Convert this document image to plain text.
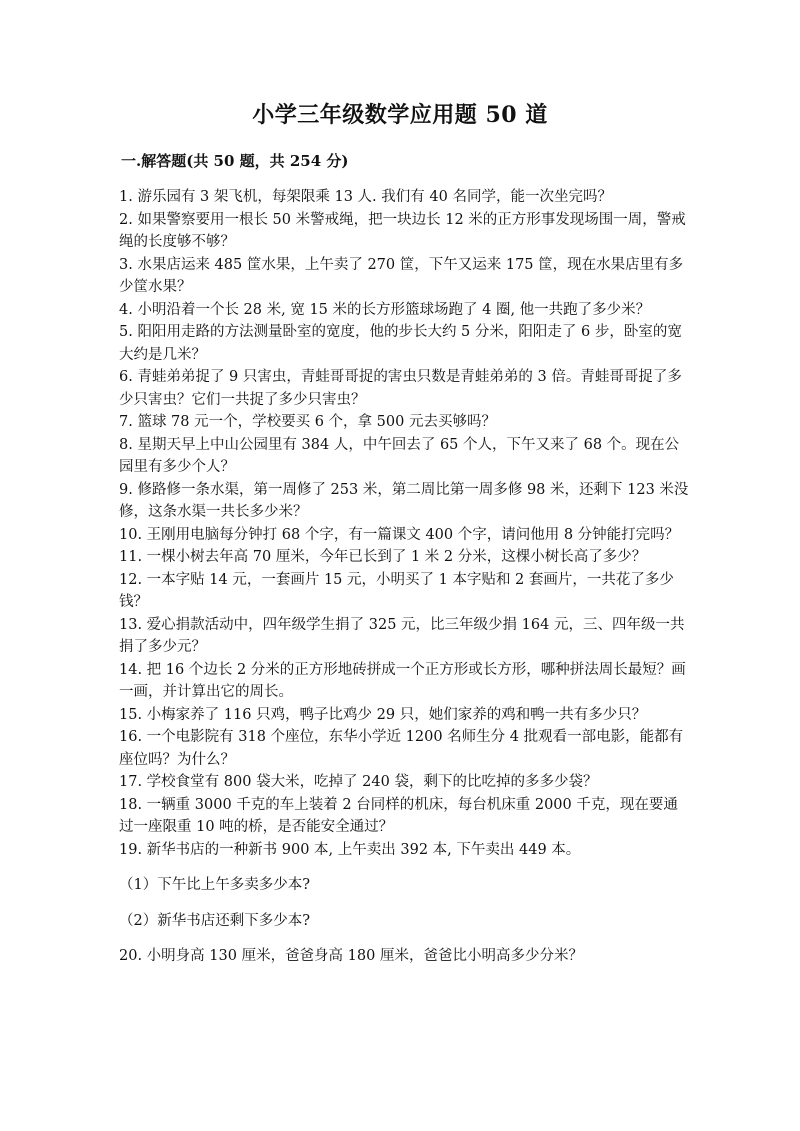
小学三年级数学应用题 50 道
一.解答题(共 50 题，共 254 分)

1. 游乐园有 3 架飞机，每架限乘 13 人. 我们有 40 名同学，能一次坐完吗？

2. 如果警察要用一根长 50 米警戒绳，把一块边长 12 米的正方形事发现场围一周，警戒绳的长度够不够？

3. 水果店运来 485 筐水果，上午卖了 270 筐，下午又运来 175 筐，现在水果店里有多少筐水果？

4. 小明沿着一个长 28 米, 宽 15 米的长方形篮球场跑了 4 圈, 他一共跑了多少米？

5. 阳阳用走路的方法测量卧室的宽度，他的步长大约 5 分米，阳阳走了 6 步，卧室的宽大约是几米？

6. 青蛙弟弟捉了 9 只害虫，青蛙哥哥捉的害虫只数是青蛙弟弟的 3 倍。青蛙哥哥捉了多少只害虫？它们一共捉了多少只害虫？

7. 篮球 78 元一个，学校要买 6 个，拿 500 元去买够吗？

8. 星期天早上中山公园里有 384 人，中午回去了 65 个人，下午又来了 68 个。现在公园里有多少个人？

9. 修路修一条水渠，第一周修了 253 米，第二周比第一周多修 98 米，还剩下 123 米没修，这条水渠一共长多少米？

10. 王刚用电脑每分钟打 68 个字，有一篇课文 400 个字，请问他用 8 分钟能打完吗？

11. 一棵小树去年高 70 厘米，今年已长到了 1 米 2 分米，这棵小树长高了多少？

12. 一本字贴 14 元，一套画片 15 元，小明买了 1 本字贴和 2 套画片，一共花了多少钱？

13. 爱心捐款活动中，四年级学生捐了 325 元，比三年级少捐 164 元，三、四年级一共捐了多少元？

14. 把 16 个边长 2 分米的正方形地砖拼成一个正方形或长方形，哪种拼法周长最短？画一画，并计算出它的周长。

15. 小梅家养了 116 只鸡，鸭子比鸡少 29 只，她们家养的鸡和鸭一共有多少只？

16. 一个电影院有 318 个座位，东华小学近 1200 名师生分 4 批观看一部电影，能都有座位吗？为什么？

17. 学校食堂有 800 袋大米，吃掉了 240 袋，剩下的比吃掉的多多少袋？

18. 一辆重 3000 千克的车上装着 2 台同样的机床，每台机床重 2000 千克，现在要通过一座限重 10 吨的桥，是否能安全通过？

19. 新华书店的一种新书 900 本, 上午卖出 392 本, 下午卖出 449 本。

（1）下午比上午多卖多少本?

（2）新华书店还剩下多少本?

20. 小明身高 130 厘米，爸爸身高 180 厘米，爸爸比小明高多少分米？
